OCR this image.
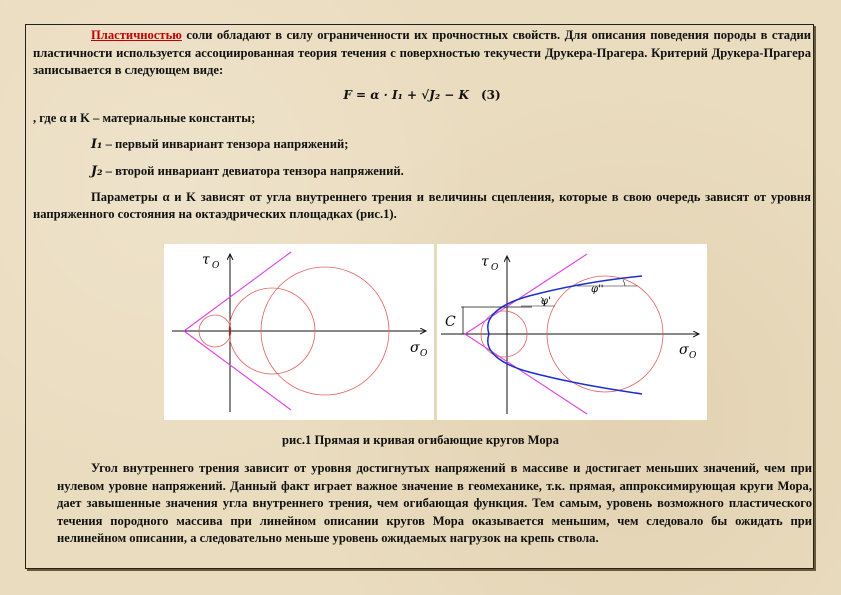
Пластичностью соли обладают в силу ограниченности их прочностных свойств. Для описания поведения породы в стадии пластичности используется ассоциированная теория течения с поверхностью текучести Друкера-Прагера. Критерий Друкера-Прагера записывается в следующем виде:

F = α · I₁ + √J₂ − K (3)

, где α и K – материальные константы;

I₁ – первый инвариант тензора напряжений;

J₂ – второй инвариант девиатора тензора напряжений.

Параметры α и K зависят от угла внутреннего трения и величины сцепления, которые в свою очередь зависят от уровня напряженного состояния на октаэдрических площадках (рис.1).

τ O
σ O
C
φ'
φ''
τ O
σ O
рис.1 Прямая и кривая огибающие кругов Мора

Угол внутреннего трения зависит от уровня достигнутых напряжений в массиве и достигает меньших значений, чем при нулевом уровне напряжений. Данный факт играет важное значение в геомеханике, т.к. прямая, аппроксимирующая круги Мора, дает завышенные значения угла внутреннего трения, чем огибающая функция. Тем самым, уровень возможного пластического течения породного массива при линейном описании кругов Мора оказывается меньшим, чем следовало бы ожидать при нелинейном описании, а следовательно меньше уровень ожидаемых нагрузок на крепь ствола.
